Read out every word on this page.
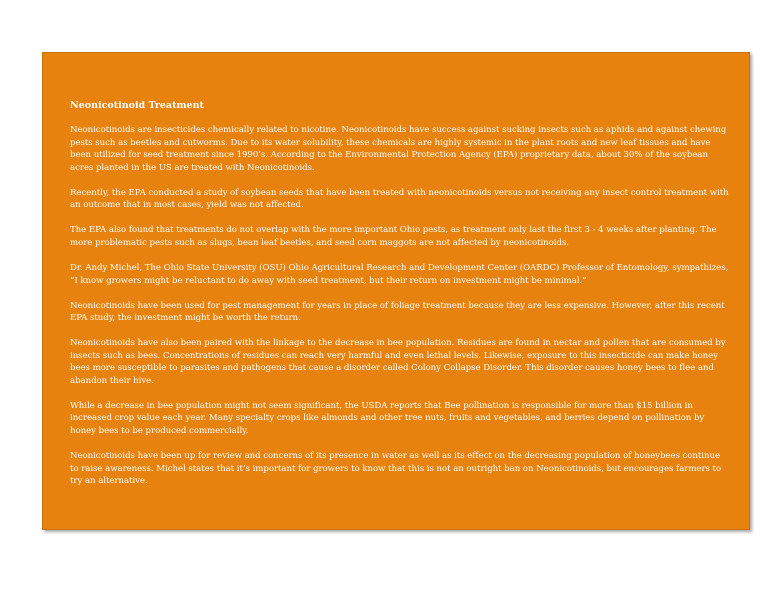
Neonicotinoid Treatment

Neonicotinoids are insecticides chemically related to nicotine. Neonicotinoids have success against sucking insects such as aphids and against chewing pests such as beetles and cutworms. Due to its water solubility, these chemicals are highly systemic in the plant roots and new leaf tissues and have been utilized for seed treatment since 1990’s. According to the Environmental Protection Agency (EPA) proprietary data, about 30% of the soybean acres planted in the US are treated with Neonicotinoids.

Recently, the EPA conducted a study of soybean seeds that have been treated with neonicotinoids versus not receiving any insect control treatment with an outcome that in most cases, yield was not affected.

The EPA also found that treatments do not overlap with the more important Ohio pests, as treatment only last the first 3 - 4 weeks after planting. The more problematic pests such as slugs, bean leaf beetles, and seed corn maggots are not affected by neonicotinoids.

Dr. Andy Michel, The Ohio State University (OSU) Ohio Agricultural Research and Development Center (OARDC) Professor of Entomology, sympathizes, “I know growers might be reluctant to do away with seed treatment, but their return on investment might be minimal.”

Neonicotinoids have been used for pest management for years in place of foliage treatment because they are less expensive. However, after this recent EPA study, the investment might be worth the return.

Neonicotinoids have also been paired with the linkage to the decrease in bee population. Residues are found in nectar and pollen that are consumed by insects such as bees. Concentrations of residues can reach very harmful and even lethal levels. Likewise, exposure to this insecticide can make honey bees more susceptible to parasites and pathogens that cause a disorder called Colony Collapse Disorder. This disorder causes honey bees to flee and abandon their hive.

While a decrease in bee population might not seem significant, the USDA reports that Bee pollination is responsible for more than $15 billion in increased crop value each year. Many specialty crops like almonds and other tree nuts, fruits and vegetables, and berries depend on pollination by honey bees to be produced commercially.

Neonicotinoids have been up for review and concerns of its presence in water as well as its effect on the decreasing population of honeybees continue to raise awareness. Michel states that it’s important for growers to know that this is not an outright ban on Neonicotinoids, but encourages farmers to try an alternative.
